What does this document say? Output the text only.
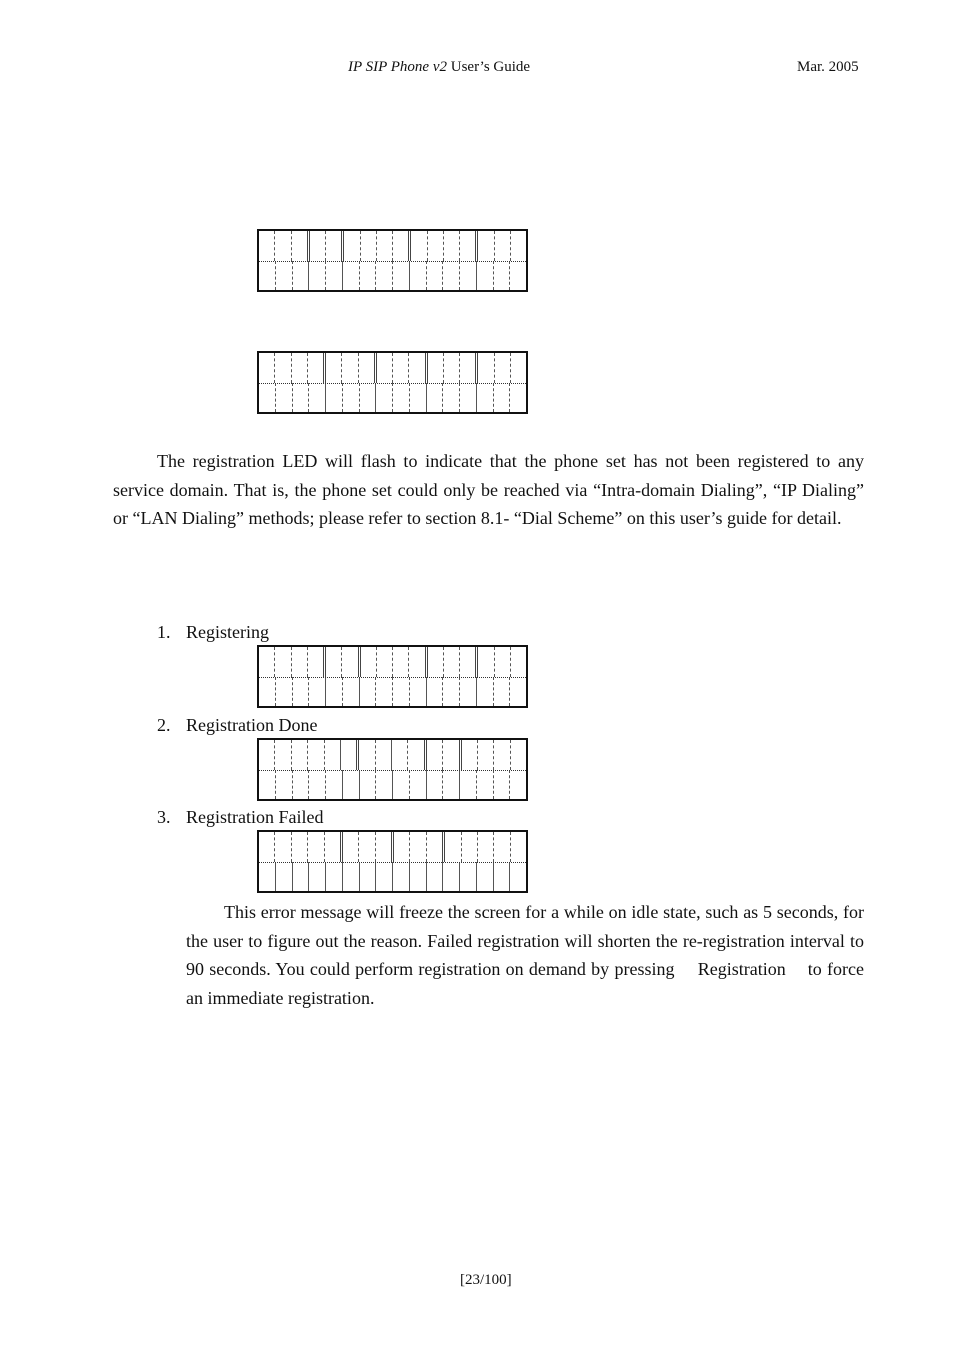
IP SIP Phone v2 User’s Guide	Mar. 2005

The registration LED will flash to indicate that the phone set has not been registered to any service domain. That is, the phone set could only be reached via “Intra-domain Dialing”, “IP Dialing” or “LAN Dialing” methods; please refer to section 8.1- “Dial Scheme” on this user’s guide for detail.

1. Registering
2. Registration Done
3. Registration Failed

This error message will freeze the screen for a while on idle state, such as 5 seconds, for the user to figure out the reason. Failed registration will shorten the re-registration interval to 90 seconds. You could perform registration on demand by pressing Registration to force an immediate registration.

[23/100]
